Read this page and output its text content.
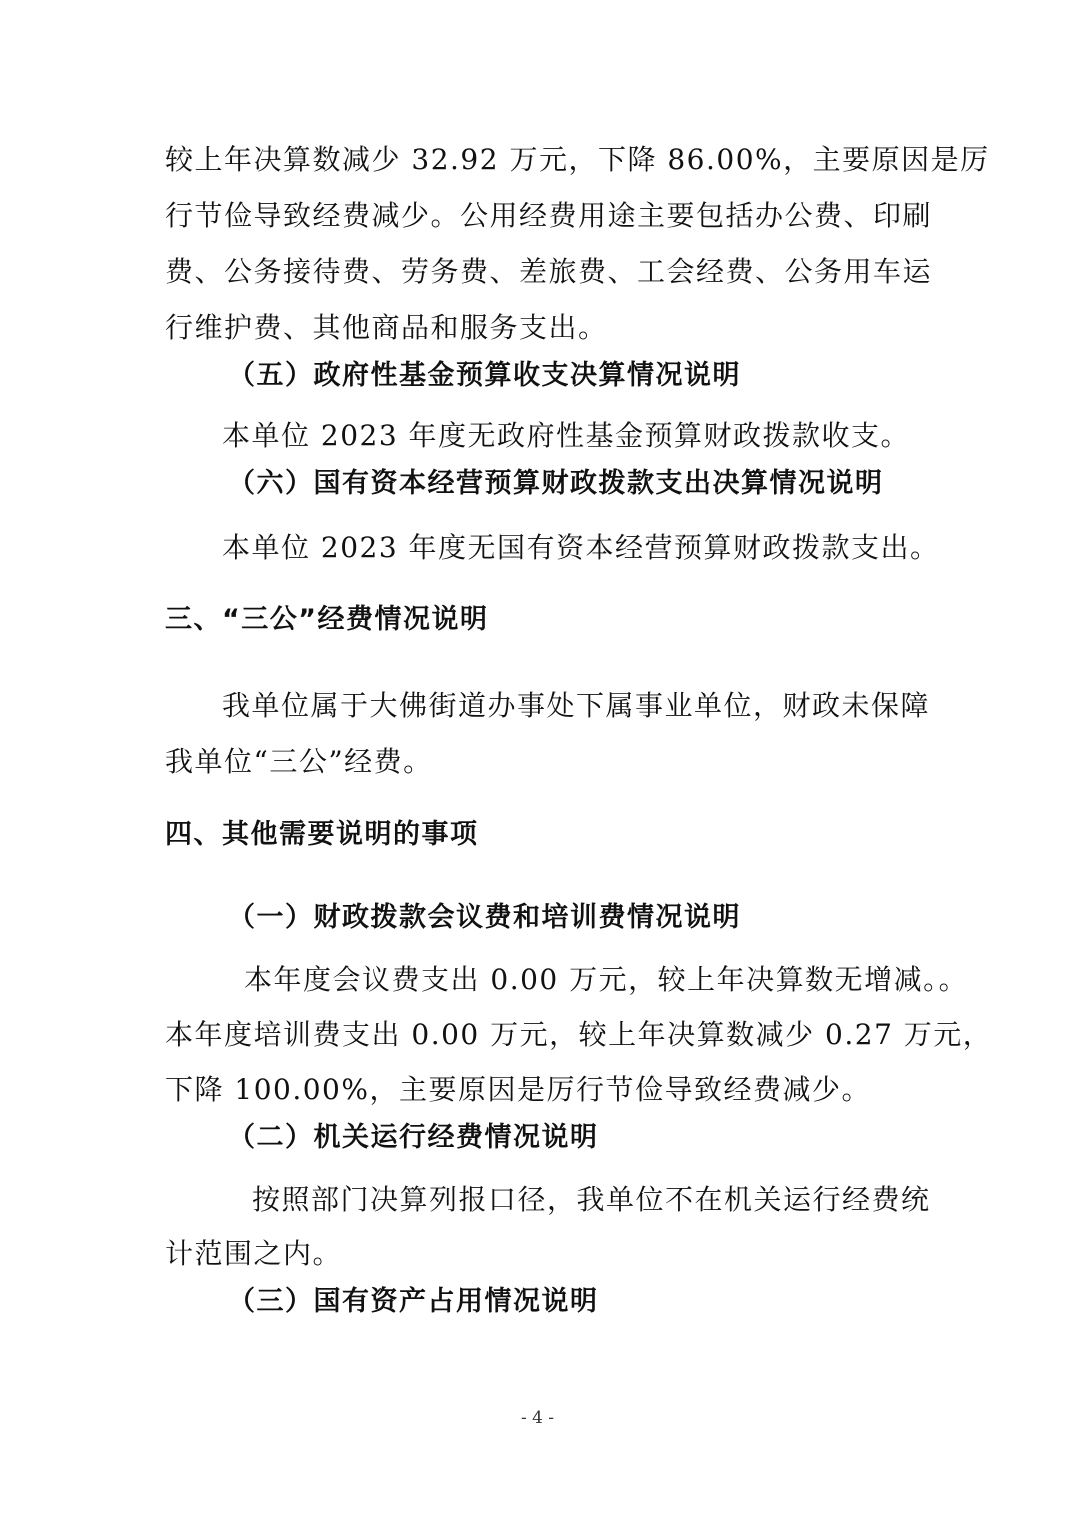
较上年决算数减少 32.92 万元，下降 86.00%，主要原因是厉
行节俭导致经费减少。公用经费用途主要包括办公费、印刷
费、公务接待费、劳务费、差旅费、工会经费、公务用车运
行维护费、其他商品和服务支出。
（五）政府性基金预算收支决算情况说明
本单位 2023 年度无政府性基金预算财政拨款收支。
（六）国有资本经营预算财政拨款支出决算情况说明
本单位 2023 年度无国有资本经营预算财政拨款支出。
三、“三公”经费情况说明
我单位属于大佛街道办事处下属事业单位，财政未保障
我单位“三公”经费。
四、其他需要说明的事项
（一）财政拨款会议费和培训费情况说明
本年度会议费支出 0.00 万元，较上年决算数无增减。。
本年度培训费支出 0.00 万元，较上年决算数减少 0.27 万元，
下降 100.00%，主要原因是厉行节俭导致经费减少。
（二）机关运行经费情况说明
按照部门决算列报口径，我单位不在机关运行经费统
计范围之内。
（三）国有资产占用情况说明
- 4 -
